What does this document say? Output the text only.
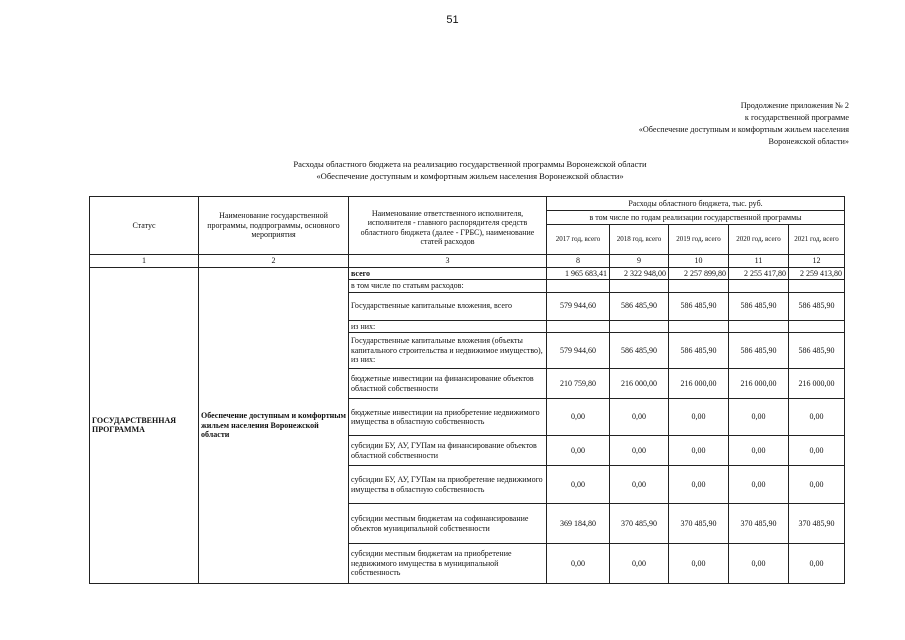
51
Продолжение приложения № 2
к государственной программе
«Обеспечение доступным и комфортным жильем населения
Воронежской области»
Расходы областного бюджета на реализацию государственной программы Воронежской области
«Обеспечение доступным и комфортным жильем населения Воронежской области»
Статус	Наименование государственной программы, подпрограммы, основного мероприятия	Наименование ответственного исполнителя, исполнителя - главного распорядителя средств областного бюджета (далее - ГРБС), наименование статей расходов	Расходы областного бюджета, тыс. руб.				
			в том числе по годам реализации государственной программы				
			2017 год, всего	2018 год, всего	2019 год, всего	2020 год, всего	2021 год, всего
1	2	3	8	9	10	11	12
ГОСУДАРСТВЕННАЯ ПРОГРАММА	Обеспечение доступным и комфортным жильем населения Воронежской области	всего	1 965 683,41	2 322 948,00	2 257 899,80	2 255 417,80	2 259 413,80
		в том числе по статьям расходов:					
		Государственные капитальные вложения, всего	579 944,60	586 485,90	586 485,90	586 485,90	586 485,90
		из них:					
		Государственные капитальные вложения (объекты капитального строительства и недвижимое имущество), из них:	579 944,60	586 485,90	586 485,90	586 485,90	586 485,90
		бюджетные инвестиции на финансирование объектов областной собственности	210 759,80	216 000,00	216 000,00	216 000,00	216 000,00
		бюджетные инвестиции на приобретение недвижимого имущества в областную собственность	0,00	0,00	0,00	0,00	0,00
		субсидии БУ, АУ, ГУПам на финансирование объектов областной собственности	0,00	0,00	0,00	0,00	0,00
		субсидии БУ, АУ, ГУПам на приобретение недвижимого имущества в областную собственность	0,00	0,00	0,00	0,00	0,00
		субсидии местным бюджетам на софинансирование объектов муниципальной собственности	369 184,80	370 485,90	370 485,90	370 485,90	370 485,90
		субсидии местным бюджетам на приобретение недвижимого имущества в муниципальной собственность	0,00	0,00	0,00	0,00	0,00
